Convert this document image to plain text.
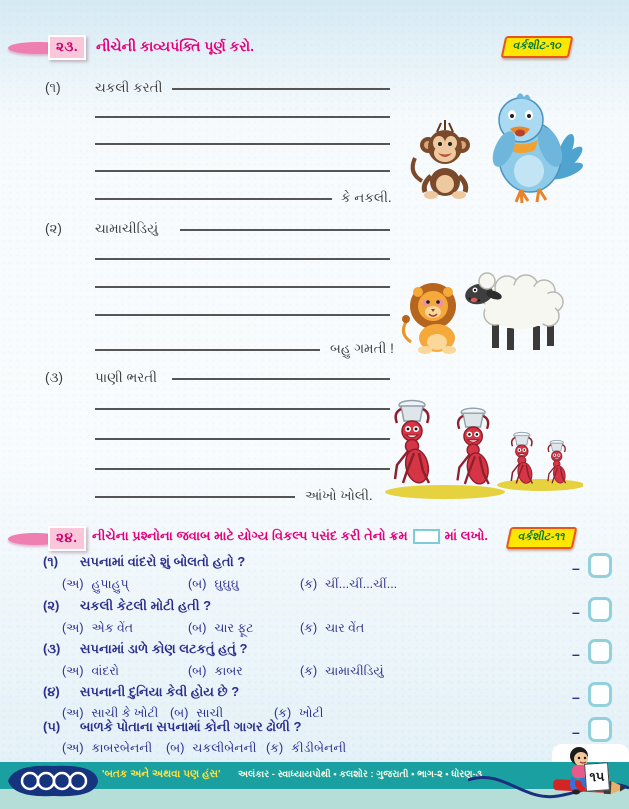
૨૩.	નીચેની કાવ્યપંક્તિ પૂર્ણ કરો.	વર્કશીટ-૧૦
(૧)	ચકલી કરતી
કે નકલી.
(૨) ચામાચીડિયું
બહુ ગમતી !
(૩) પાણી ભરતી
આંખો ખોલી.
૨૪.	નીચેના પ્રશ્નોના જવાબ માટે યોગ્ય વિકલ્પ પસંદ કરી તેનો ક્રમ	માં લખો.	વર્કશીટ-૧૧
(૧) સપનામાં વાંદરો શું બોલતો હતો ?
(અ) હુપાહુપ્	(બ) ઘુઘુઘુ	(ક) ચીં...ચીં...ચીં...
–
(૨) ચકલી કેટલી મોટી હતી ?
(અ) એક વેંત	(બ) ચાર ફૂટ	(ક) ચાર વેંત
–
(૩) સપનામાં ડાળે કોણ લટકતું હતું ?
(અ) વાંદરો	(બ) કાબર	(ક) ચામાચીડિયું
–
(૪) સપનાની દુનિયા કેવી હોય છે ?
(અ) સાચી કે ખોટી (બ) સાચી	(ક) ખોટી
–
(૫) બાળકે પોતાના સપનામાં કોની ગાગર ઢોળી ?
(અ) કાબરબેનની (બ) ચકલીબેનની (ક) કીડીબેનની
–
'બતક અને અથવા પણ હંસ' અલંકાર - સ્વાધ્યાયપોથી • કલશોર : ગુજરાતી • ભાગ-૨ • ધોરણ-૩	૧૫
